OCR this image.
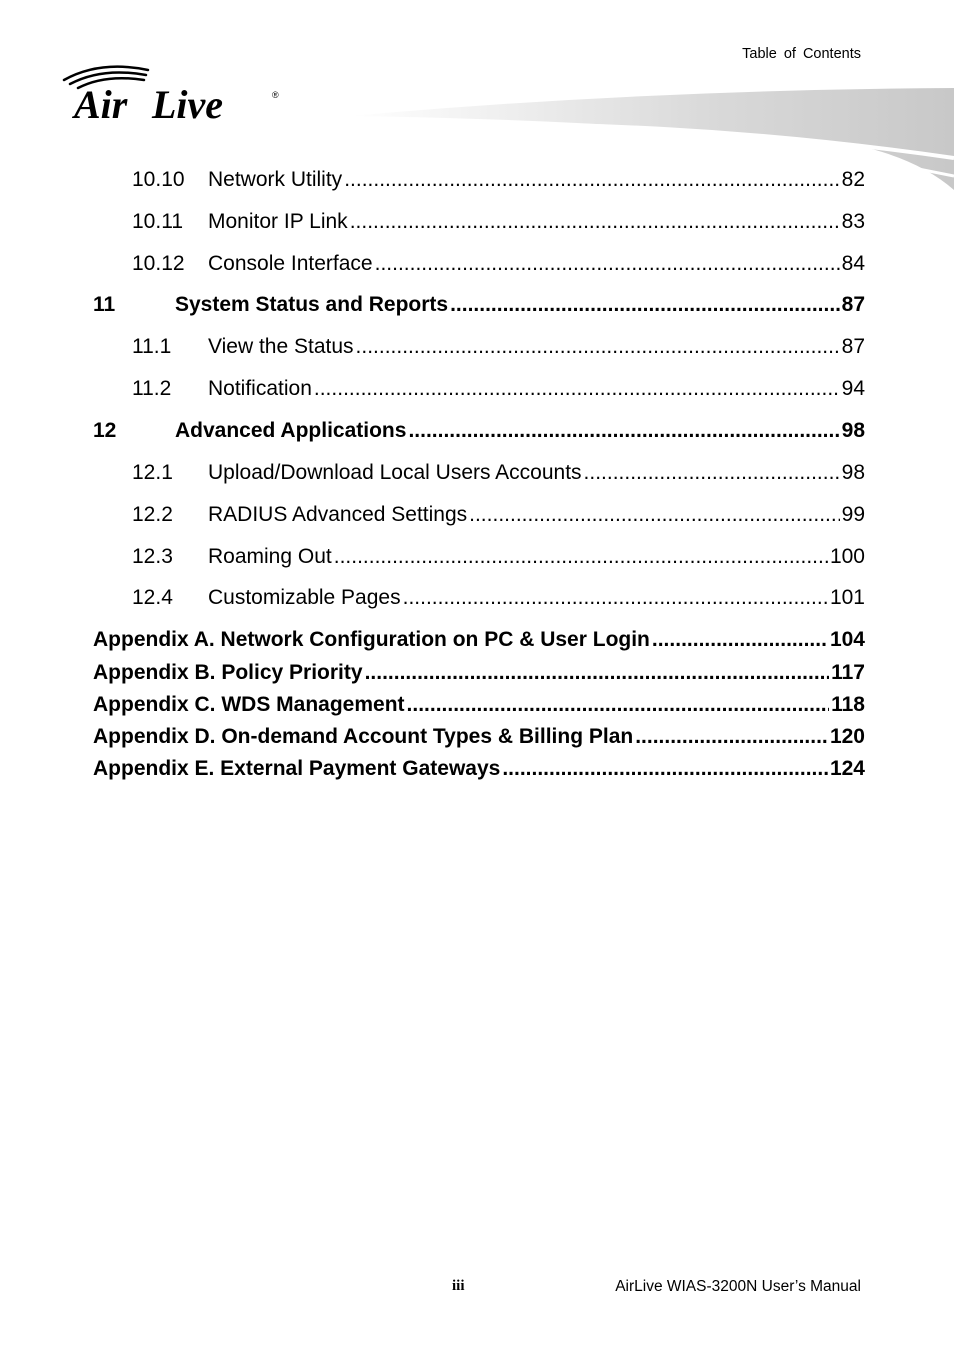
Table of Contents
Air Live	®
10.10	Network Utility .....	82
10.11	Monitor IP Link .....	83
10.12	Console Interface .....	84
11	System Status and Reports .....	87
11.1	View the Status .....	87
11.2	Notification .....	94
12	Advanced Applications .....	98
12.1	Upload/Download Local Users Accounts .....	98
12.2	RADIUS Advanced Settings .....	99
12.3	Roaming Out .....	100
12.4	Customizable Pages .....	101
Appendix A. Network Configuration on PC & User Login .....	104
Appendix B. Policy Priority .....	117
Appendix C. WDS Management .....	118
Appendix D. On-demand Account Types & Billing Plan .....	120
Appendix E. External Payment Gateways .....	124
iii	AirLive WIAS-3200N User’s Manual
